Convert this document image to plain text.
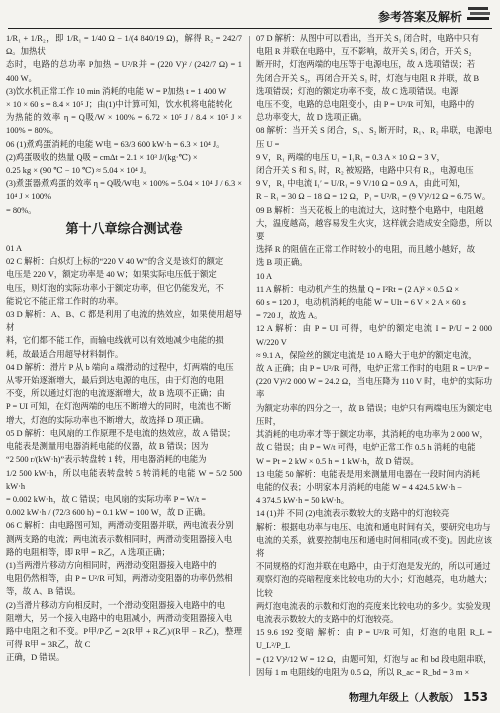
参考答案及解析

1/R₁ + 1/R₂，即 1/R₁ = 1/40 Ω − 1/(4 840/19 Ω)，解得 R₂ = 242/7 Ω。加热状

态时，电路的总功率 P加热 = U²/R并 = (220 V)² / (242/7 Ω) = 1 400 W。

(3)饮水机正常工作 10 min 消耗的电能 W = P加热 t = 1 400 W

× 10 × 60 s = 8.4 × 10⁵ J；由(1)中计算可知，饮水机将电能转化

为热能的效率 η = Q吸/W × 100% = 6.72 × 10⁵ J / 8.4 × 10⁵ J × 100% = 80%。

06 (1)煮鸡蛋消耗的电能 W电 = 63/3 600 kW·h = 6.3 × 10⁴ J。

(2)鸡蛋吸收的热量 Q吸 = cmΔt = 2.1 × 10³ J/(kg·℃) ×

0.25 kg × (90 ℃ − 10 ℃) ≈ 5.04 × 10⁴ J。

(3)煮蛋器煮鸡蛋的效率 η = Q吸/W电 × 100% = 5.04 × 10⁴ J / 6.3 × 10⁴ J × 100%

= 80%。

第十八章综合测试卷

01 A

02 C 解析：白炽灯上标的“220 V 40 W”的含义是该灯的额定

电压是 220 V，额定功率是 40 W；如果实际电压低于额定

电压，则灯泡的实际功率小于额定功率，但它仍能发光，不

能说它不能正常工作时的功率。

03 D 解析：A、B、C 都是利用了电流的热效应，如果使用超导材

料，它们都不能工作，而输电线就可以有效地减少电能的损

耗，故最适合用超导材料制作。

04 D 解析：滑片 P 从 b 端向 a 端滑动的过程中，灯两端的电压

从零开始逐渐增大，最后到达电源的电压，由于灯泡的电阻

不变，所以通过灯泡的电流逐渐增大，故 B 选项不正确；由

P = UI 可知，在灯泡两端的电压不断增大的同时，电流也不断

增大，灯泡的实际功率也不断增大，故选择 D 项正确。

05 D 解析：电风扇的工作原理不是电流的热效应，故 A 错误；

电能表是测量用电器消耗电能的仪器，故 B 错误；因为

“2 500 r/(kW·h)”表示转盘转 1 转，用电器消耗的电能为

1/2 500 kW·h，所以电能表转盘转 5 转消耗的电能 W = 5/2 500 kW·h

= 0.002 kW·h，故 C 错误；电风扇的实际功率 P = W/t =

0.002 kW·h / (72/3 600 h) = 0.1 kW = 100 W，故 D 正确。

06 C 解析：由电路图可知，两滑动变阻器并联，两电流表分别

测两支路的电流；两电流表示数相同时，两滑动变阻器接入电

路的电阻相等，即 R甲 = R乙，A 选项正确；

(1)当两滑片移动方向相同时，两滑动变阻器接入电路中的

电阻仍然相等，由 P = U²/R 可知，两滑动变阻器的功率仍然相

等，故 A、B 错误。

(2)当滑片移动方向相反时，一个滑动变阻器接入电路中的电

阻增大，另一个接入电路中的电阻减小，两滑动变阻器接入电

路中电阻之和不变。P甲/P乙 = 2(R甲 + R乙)/(R甲 − R乙)，整理可得 R甲 = 3R乙，故 C

正确，D 错误。

07 D 解析：从图中可以看出，当开关 S₁ 闭合时，电路中只有

电阻 R 并联在电路中，互不影响，故开关 S₁ 闭合，开关 S₂

断开时，灯泡两端的电压等于电源电压，故 A 选项错误；若

先闭合开关 S₂，再闭合开关 S₁ 时，灯泡与电阻 R 并联，故 B

选项错误；灯泡的额定功率不变，故 C 选项错误。电源

电压不变，电路的总电阻变小，由 P = U²/R 可知，电路中的

总功率变大，故 D 选项正确。

08 解析：当开关 S 闭合，S₁、S₂ 断开时，R₁、R₂ 串联，电源电压 U =

9 V，R₁ 两端的电压 U₁ = I₁R₁ = 0.3 A × 10 Ω = 3 V，

闭合开关 S 和 S₁ 时，R₂ 被短路，电路中只有 R₁，电源电压

9 V，R₁ 中电流 I₁′ = U/R₁ = 9 V/10 Ω = 0.9 A，由此可知，

R − R₁ = 30 Ω − 18 Ω = 12 Ω，P₁ = U²/R₁ = (9 V)²/12 Ω = 6.75 W。

09 B 解析：当天花板上的电流过大，这时整个电路中，电阻越

大，温度越高，越容易发生火灾，这样就会造成安全隐患，所以要

选择 R 的阻值在正常工作时较小的电阻，而且越小越好，故

选 B 项正确。

10 A

11 A 解析：电动机产生的热量 Q = I²Rt = (2 A)² × 0.5 Ω ×

60 s = 120 J，电动机消耗的电能 W = UIt = 6 V × 2 A × 60 s

= 720 J，故选 A。

12 A 解析：由 P = UI 可得，电炉的额定电流 I = P/U = 2 000 W/220 V

≈ 9.1 A，保险丝的额定电流是 10 A 略大于电炉的额定电流，

故 A 正确；由 P = U²/R 可得，电炉正常工作时的电阻 R = U²/P =

(220 V)²/2 000 W = 24.2 Ω，当电压降为 110 V 时，电炉的实际功率

为额定功率的四分之一，故 B 错误；电炉只有两端电压为额定电压时，

其消耗的电功率才等于额定功率，其消耗的电功率为 2 000 W，

故 C 错误；由 P = W/t 可得，电炉正常工作 0.5 h 消耗的电能

W = Pt = 2 kW × 0.5 h = 1 kW·h，故 D 错误。

13 电能 50 解析：电能表是用来测量用电器在一段时间内消耗

电能的仪表；小明家本月消耗的电能 W = 4 424.5 kW·h −

4 374.5 kW·h = 50 kW·h。

14 (1)并 不同 (2)电流表示数较大的支路中的灯泡较亮

解析：根据电功率与电压、电流和通电时间有关，要研究电功与

电流的关系，就要控制电压和通电时间相同(或不变)。因此应该将

不同规格的灯泡并联在电路中，由于灯泡是发光的，所以可通过

观察灯泡的亮暗程度来比较电功的大小；灯泡越亮，电功越大；比较

两灯泡电流表的示数和灯泡的亮度来比较电功的多少。实验发现

电流表示数较大的支路中的灯泡较亮。

15 9.6 192 变暗 解析：由 P = U²/R 可知，灯泡的电阻 R_L = U_L²/P_L

= (12 V)²/12 W = 12 Ω，由题可知，灯泡与 ac 和 bd 段电阻串联，

因每 1 m 电阻线的电阻为 0.5 Ω，所以 R_ac = R_bd = 3 m ×

物理九年级上（人教版） 153
